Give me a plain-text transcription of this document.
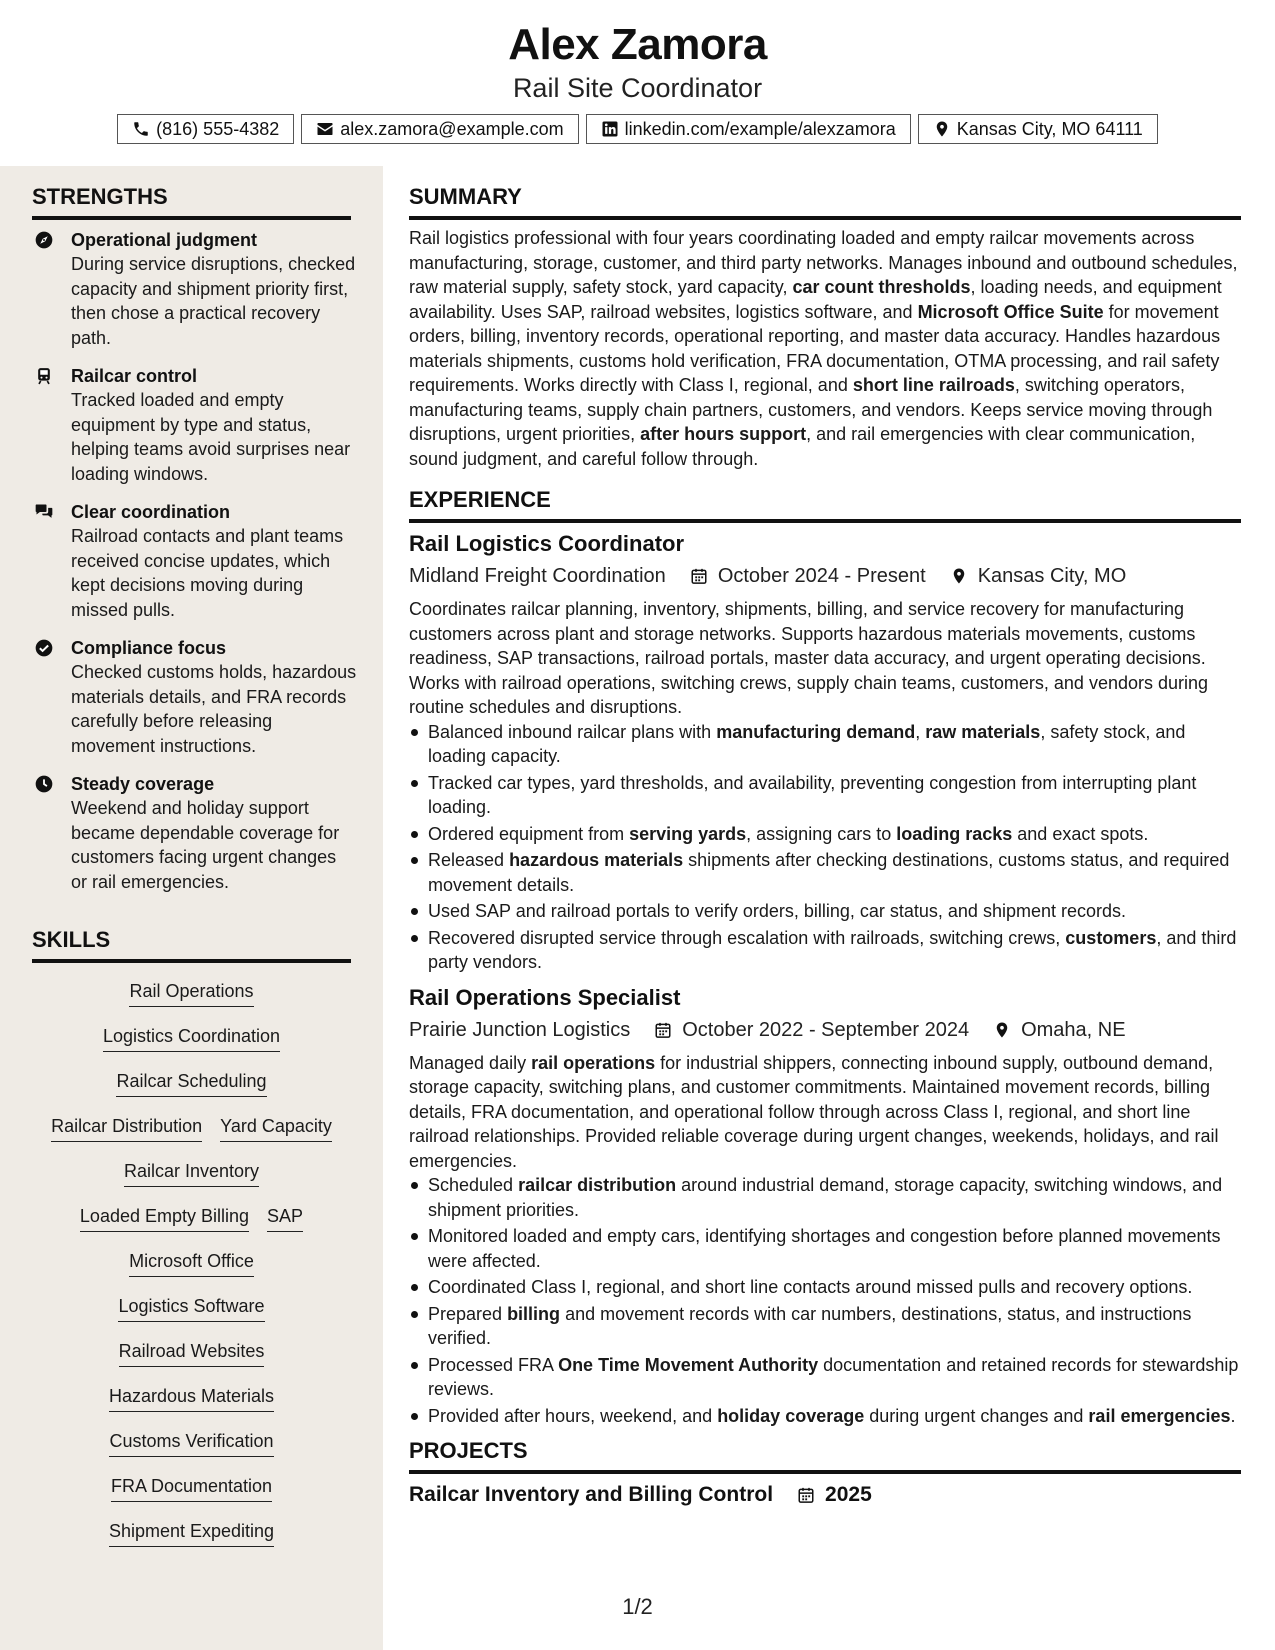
Alex Zamora
Rail Site Coordinator
(816) 555-4382	alex.zamora@example.com	linkedin.com/example/alexzamora	Kansas City, MO 64111
STRENGTHS
Operational judgment
During service disruptions, checked capacity and shipment priority first, then chose a practical recovery path.
Railcar control
Tracked loaded and empty equipment by type and status, helping teams avoid surprises near loading windows.
Clear coordination
Railroad contacts and plant teams received concise updates, which kept decisions moving during missed pulls.
Compliance focus
Checked customs holds, hazardous materials details, and FRA records carefully before releasing movement instructions.
Steady coverage
Weekend and holiday support became dependable coverage for customers facing urgent changes or rail emergencies.
SKILLS
Rail Operations
Logistics Coordination
Railcar Scheduling
Railcar Distribution Yard Capacity
Railcar Inventory
Loaded Empty Billing SAP
Microsoft Office
Logistics Software
Railroad Websites
Hazardous Materials
Customs Verification
FRA Documentation
Shipment Expediting
SUMMARY
Rail logistics professional with four years coordinating loaded and empty railcar movements across manufacturing, storage, customer, and third party networks. Manages inbound and outbound schedules, raw material supply, safety stock, yard capacity, car count thresholds, loading needs, and equipment availability. Uses SAP, railroad websites, logistics software, and Microsoft Office Suite for movement orders, billing, inventory records, operational reporting, and master data accuracy. Handles hazardous materials shipments, customs hold verification, FRA documentation, OTMA processing, and rail safety requirements. Works directly with Class I, regional, and short line railroads, switching operators, manufacturing teams, supply chain partners, customers, and vendors. Keeps service moving through disruptions, urgent priorities, after hours support, and rail emergencies with clear communication, sound judgment, and careful follow through.
EXPERIENCE
Rail Logistics Coordinator
Midland Freight Coordination	October 2024 - Present	Kansas City, MO
Coordinates railcar planning, inventory, shipments, billing, and service recovery for manufacturing customers across plant and storage networks. Supports hazardous materials movements, customs readiness, SAP transactions, railroad portals, master data accuracy, and urgent operating decisions. Works with railroad operations, switching crews, supply chain teams, customers, and vendors during routine schedules and disruptions.
Balanced inbound railcar plans with manufacturing demand, raw materials, safety stock, and loading capacity.
Tracked car types, yard thresholds, and availability, preventing congestion from interrupting plant loading.
Ordered equipment from serving yards, assigning cars to loading racks and exact spots.
Released hazardous materials shipments after checking destinations, customs status, and required movement details.
Used SAP and railroad portals to verify orders, billing, car status, and shipment records.
Recovered disrupted service through escalation with railroads, switching crews, customers, and third party vendors.
Rail Operations Specialist
Prairie Junction Logistics	October 2022 - September 2024	Omaha, NE
Managed daily rail operations for industrial shippers, connecting inbound supply, outbound demand, storage capacity, switching plans, and customer commitments. Maintained movement records, billing details, FRA documentation, and operational follow through across Class I, regional, and short line railroad relationships. Provided reliable coverage during urgent changes, weekends, holidays, and rail emergencies.
Scheduled railcar distribution around industrial demand, storage capacity, switching windows, and shipment priorities.
Monitored loaded and empty cars, identifying shortages and congestion before planned movements were affected.
Coordinated Class I, regional, and short line contacts around missed pulls and recovery options.
Prepared billing and movement records with car numbers, destinations, status, and instructions verified.
Processed FRA One Time Movement Authority documentation and retained records for stewardship reviews.
Provided after hours, weekend, and holiday coverage during urgent changes and rail emergencies.
PROJECTS
Railcar Inventory and Billing Control 2025
1/2
